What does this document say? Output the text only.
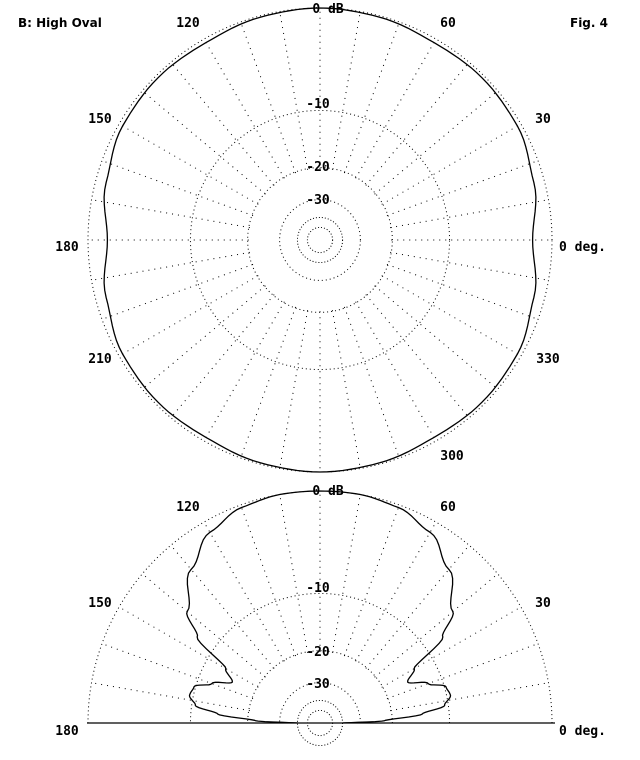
B: High Oval	Fig. 4
0 dB
-10
-20
-30
120	60
150	30
180	0 deg.
210	330
300
0 dB
-10
-20
-30
120	60
150	30
180	0 deg.
